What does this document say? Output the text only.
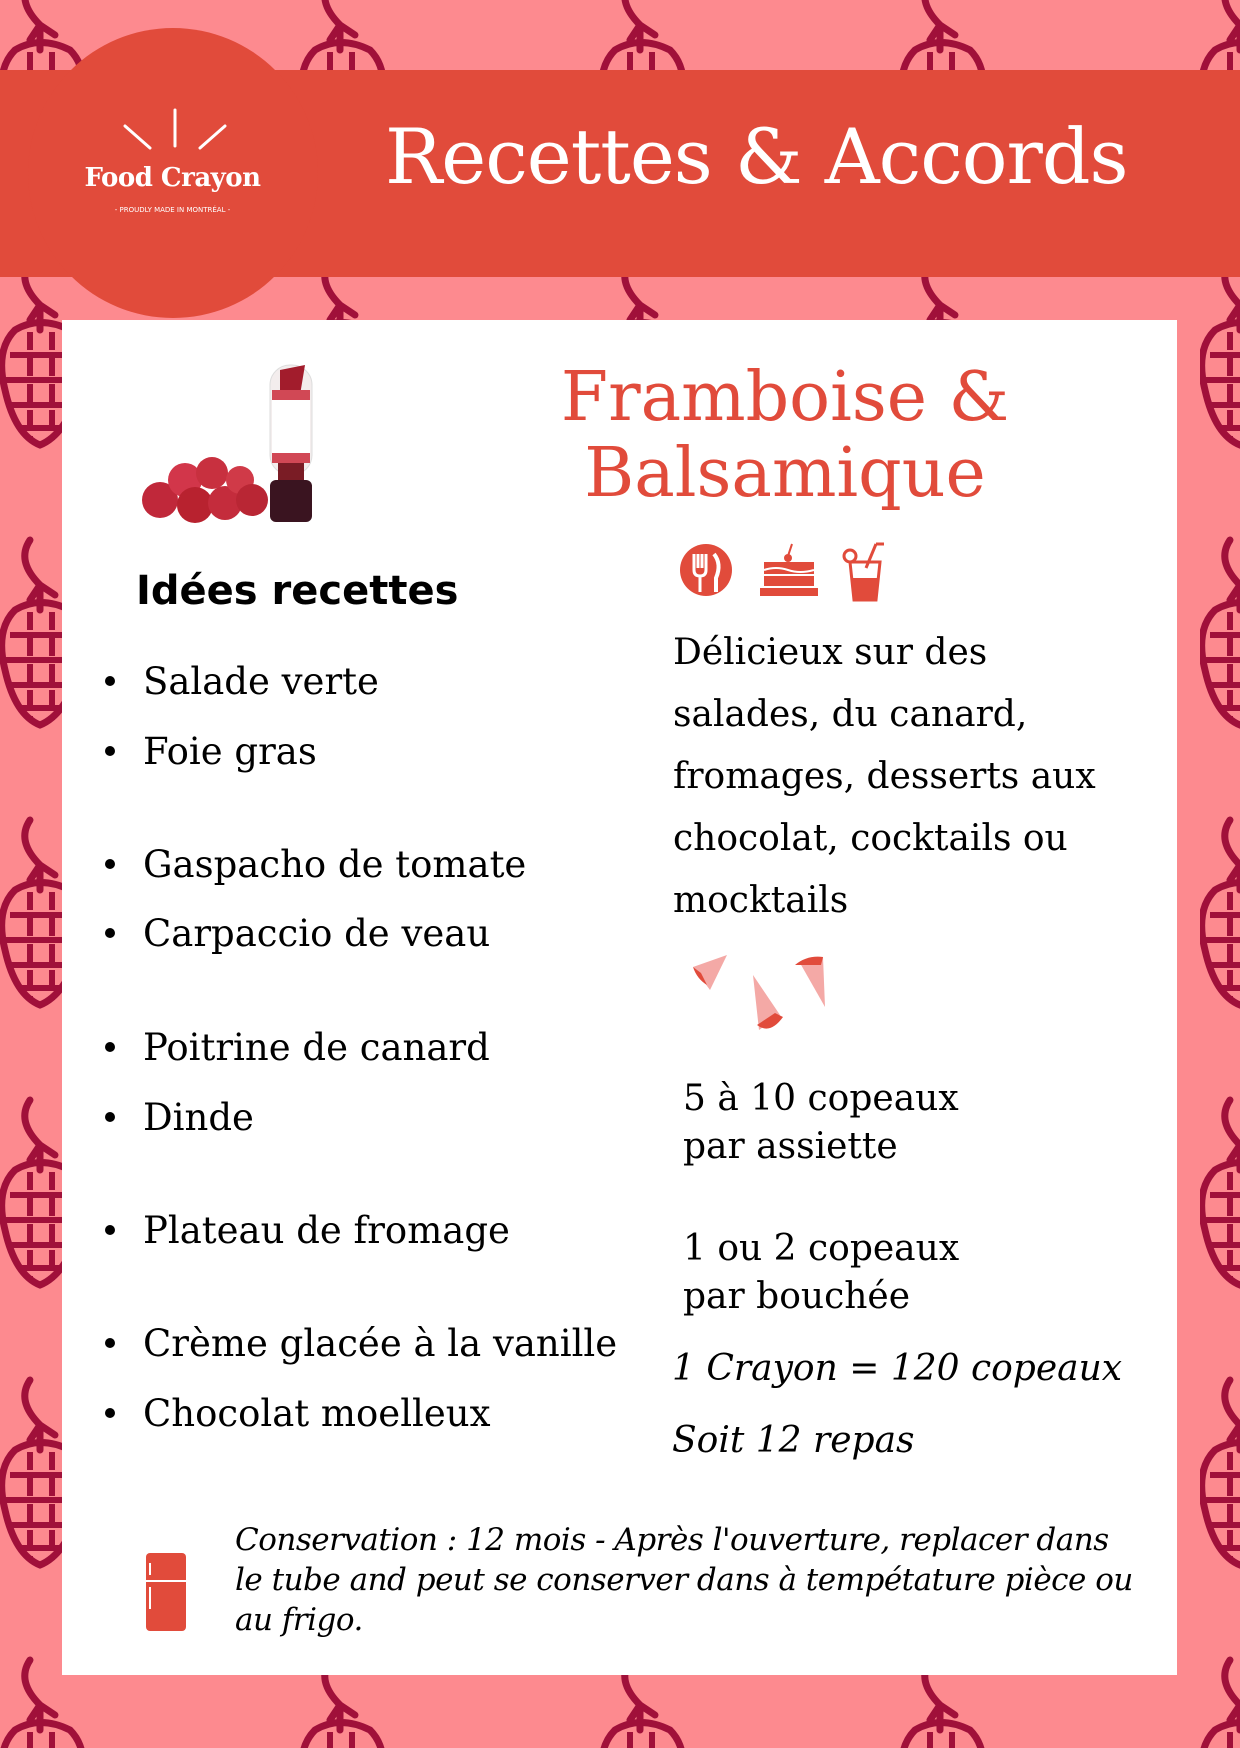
Food Crayon
- PROUDLY MADE IN MONTRÉAL -
Recettes & Accords
Framboise &
Balsamique
Idées recettes
Salade verte
Foie gras
Gaspacho de tomate
Carpaccio de veau
Poitrine de canard
Dinde
Plateau de fromage
Crème glacée à la vanille
Chocolat moelleux
Délicieux sur des salades, du canard, fromages, desserts aux chocolat, cocktails ou mocktails
5 à 10 copeaux
par assiette
1 ou 2 copeaux
par bouchée
1 Crayon = 120 copeaux
Soit 12 repas
Conservation : 12 mois - Après l'ouverture, replacer dans le tube and peut se conserver dans à tempétature pièce ou au frigo.
